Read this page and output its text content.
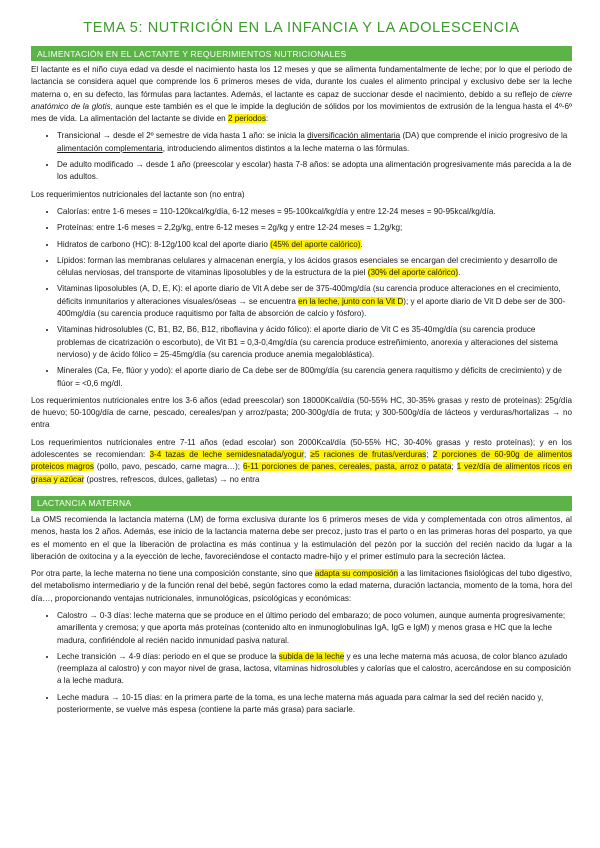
TEMA 5: NUTRICIÓN EN LA INFANCIA Y LA ADOLESCENCIA
ALIMENTACIÓN EN EL LACTANTE Y REQUERIMIENTOS NUTRICIONALES

El lactante es el niño cuya edad va desde el nacimiento hasta los 12 meses y que se alimenta fundamentalmente de leche; por lo que el periodo de lactancia se considera aquel que comprende los 6 primeros meses de vida, durante los cuales el alimento principal y exclusivo debe ser la leche materna o, en su defecto, las fórmulas para lactantes. Además, el lactante es capaz de succionar desde el nacimiento, debido a su reflejo de cierre anatómico de la glotis, aunque este también es el que le impide la deglución de sólidos por los movimientos de extrusión de la lengua hasta el 4º-6º mes de vida. La alimentación del lactante se divide en 2 periodos:

• Transicional → desde el 2º semestre de vida hasta 1 año: se inicia la diversificación alimentaria (DA) que comprende el inicio progresivo de la alimentación complementaria, introduciendo alimentos distintos a la leche materna o las fórmulas.
• De adulto modificado → desde 1 año (preescolar y escolar) hasta 7-8 años: se adopta una alimentación progresivamente más parecida a la de los adultos.

Los requerimientos nutricionales del lactante son (no entra)

• Calorías: entre 1-6 meses = 110-120kcal/kg/día, 6-12 meses = 95-100kcal/kg/día y entre 12-24 meses = 90-95kcal/kg/día.
• Proteínas: entre 1-6 meses = 2,2g/kg, entre 6-12 meses = 2g/kg y entre 12-24 meses = 1,2g/kg;
• Hidratos de carbono (HC): 8-12g/100 kcal del aporte diario (45% del aporte calórico).
• Lípidos: forman las membranas celulares y almacenan energía, y los ácidos grasos esenciales se encargan del crecimiento y desarrollo de células nerviosas, del transporte de vitaminas liposolubles y de la estructura de la piel (30% del aporte calórico).
• Vitaminas liposolubles (A, D, E, K): el aporte diario de Vit A debe ser de 375-400mg/día (su carencia produce alteraciones en el crecimiento, déficits inmunitarios y alteraciones visuales/óseas → se encuentra en la leche, junto con la Vit D); y el aporte diario de Vit D debe ser de 300-400mg/día (su carencia produce raquitismo por falta de absorción de calcio y fósforo).
• Vitaminas hidrosolubles (C, B1, B2, B6, B12, riboflavina y ácido fólico): el aporte diario de Vit C es 35-40mg/día (su carencia produce problemas de cicatrización o escorbuto), de Vit B1 = 0,3-0,4mg/día (su carencia produce estreñimiento, anorexia y alteraciones del sistema nervioso) y de ácido fólico = 25-45mg/día (su carencia produce anemia megaloblástica).
• Minerales (Ca, Fe, flúor y yodo): el aporte diario de Ca debe ser de 800mg/día (su carencia genera raquitismo y déficits de crecimiento) y de flúor = <0,6 mg/dl.

Los requerimientos nutricionales entre los 3-6 años (edad preescolar) son 18000Kcal/día (50-55% HC, 30-35% grasas y resto de proteínas): 25g/día de huevo; 50-100g/día de carne, pescado, cereales/pan y arroz/pasta; 200-300g/día de fruta; y 300-500g/día de lácteos y verduras/hortalizas → no entra

Los requerimientos nutricionales entre 7-11 años (edad escolar) son 2000Kcal/día (50-55% HC, 30-40% grasas y resto proteínas); y en los adolescentes se recomiendan: 3-4 tazas de leche semidesnatada/yogur; ≥5 raciones de frutas/verduras; 2 porciones de 60-90g de alimentos proteicos magros (pollo, pavo, pescado, carne magra…); 6-11 porciones de panes, cereales, pasta, arroz o patata; 1 vez/día de alimentos ricos en grasa y azúcar (postres, refrescos, dulces, galletas) → no entra

LACTANCIA MATERNA

La OMS recomienda la lactancia materna (LM) de forma exclusiva durante los 6 primeros meses de vida y complementada con otros alimentos, al menos, hasta los 2 años. Además, ese inicio de la lactancia materna debe ser precoz, justo tras el parto o en las primeras horas del posparto, ya que es el momento en el que la liberación de prolactina es más continua y la estimulación del pezón por la succión del recién nacido da lugar a la liberación de oxitocina y a la eyección de leche, favoreciéndose el contacto madre-hijo y el primer estímulo para la secreción láctea.

Por otra parte, la leche materna no tiene una composición constante, sino que adapta su composición a las limitaciones fisiológicas del tubo digestivo, del metabolismo intermediario y de la función renal del bebé, según factores como la edad materna, duración lactancia, momento de la toma, hora del día…, proporcionando ventajas nutricionales, inmunológicas, psicológicas y económicas:

• Calostro → 0-3 días: leche materna que se produce en el último periodo del embarazo; de poco volumen, aunque aumenta progresivamente; amarillenta y cremosa; y que aporta más proteínas (contenido alto en inmunoglobulinas IgA, IgG e IgM) y menos grasa e HC que la leche madura, confiriéndole al recién nacido inmunidad pasiva natural.
• Leche transición → 4-9 días: periodo en el que se produce la subida de la leche y es una leche materna más acuosa, de color blanco azulado (reemplaza al calostro) y con mayor nivel de grasa, lactosa, vitaminas hidrosolubles y calorías que el calostro, acercándose en su composición a la leche madura.
• Leche madura → 10-15 días: en la primera parte de la toma, es una leche materna más aguada para calmar la sed del recién nacido y, posteriormente, se vuelve más espesa (contiene la parte más grasa) para saciarle.
